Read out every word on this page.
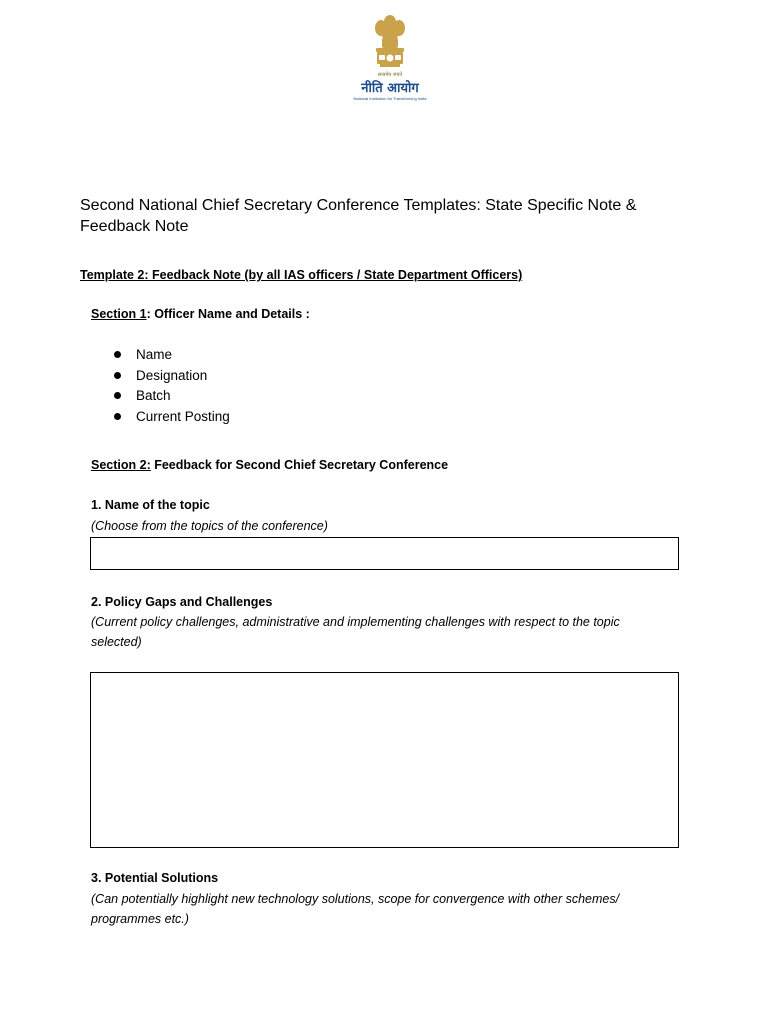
सत्यमेव जयते
नीति आयोग
National Institution for Transforming India
Second National Chief Secretary Conference Templates: State Specific Note & Feedback Note
Template 2: Feedback Note (by all IAS officers / State Department Officers)
Section 1: Officer Name and Details :
Name
Designation
Batch
Current Posting
Section 2: Feedback for Second Chief Secretary Conference
1. Name of the topic
(Choose from the topics of the conference)
2. Policy Gaps and Challenges
(Current policy challenges, administrative and implementing challenges with respect to the topic selected)
3. Potential Solutions
(Can potentially highlight new technology solutions, scope for convergence with other schemes/ programmes etc.)
